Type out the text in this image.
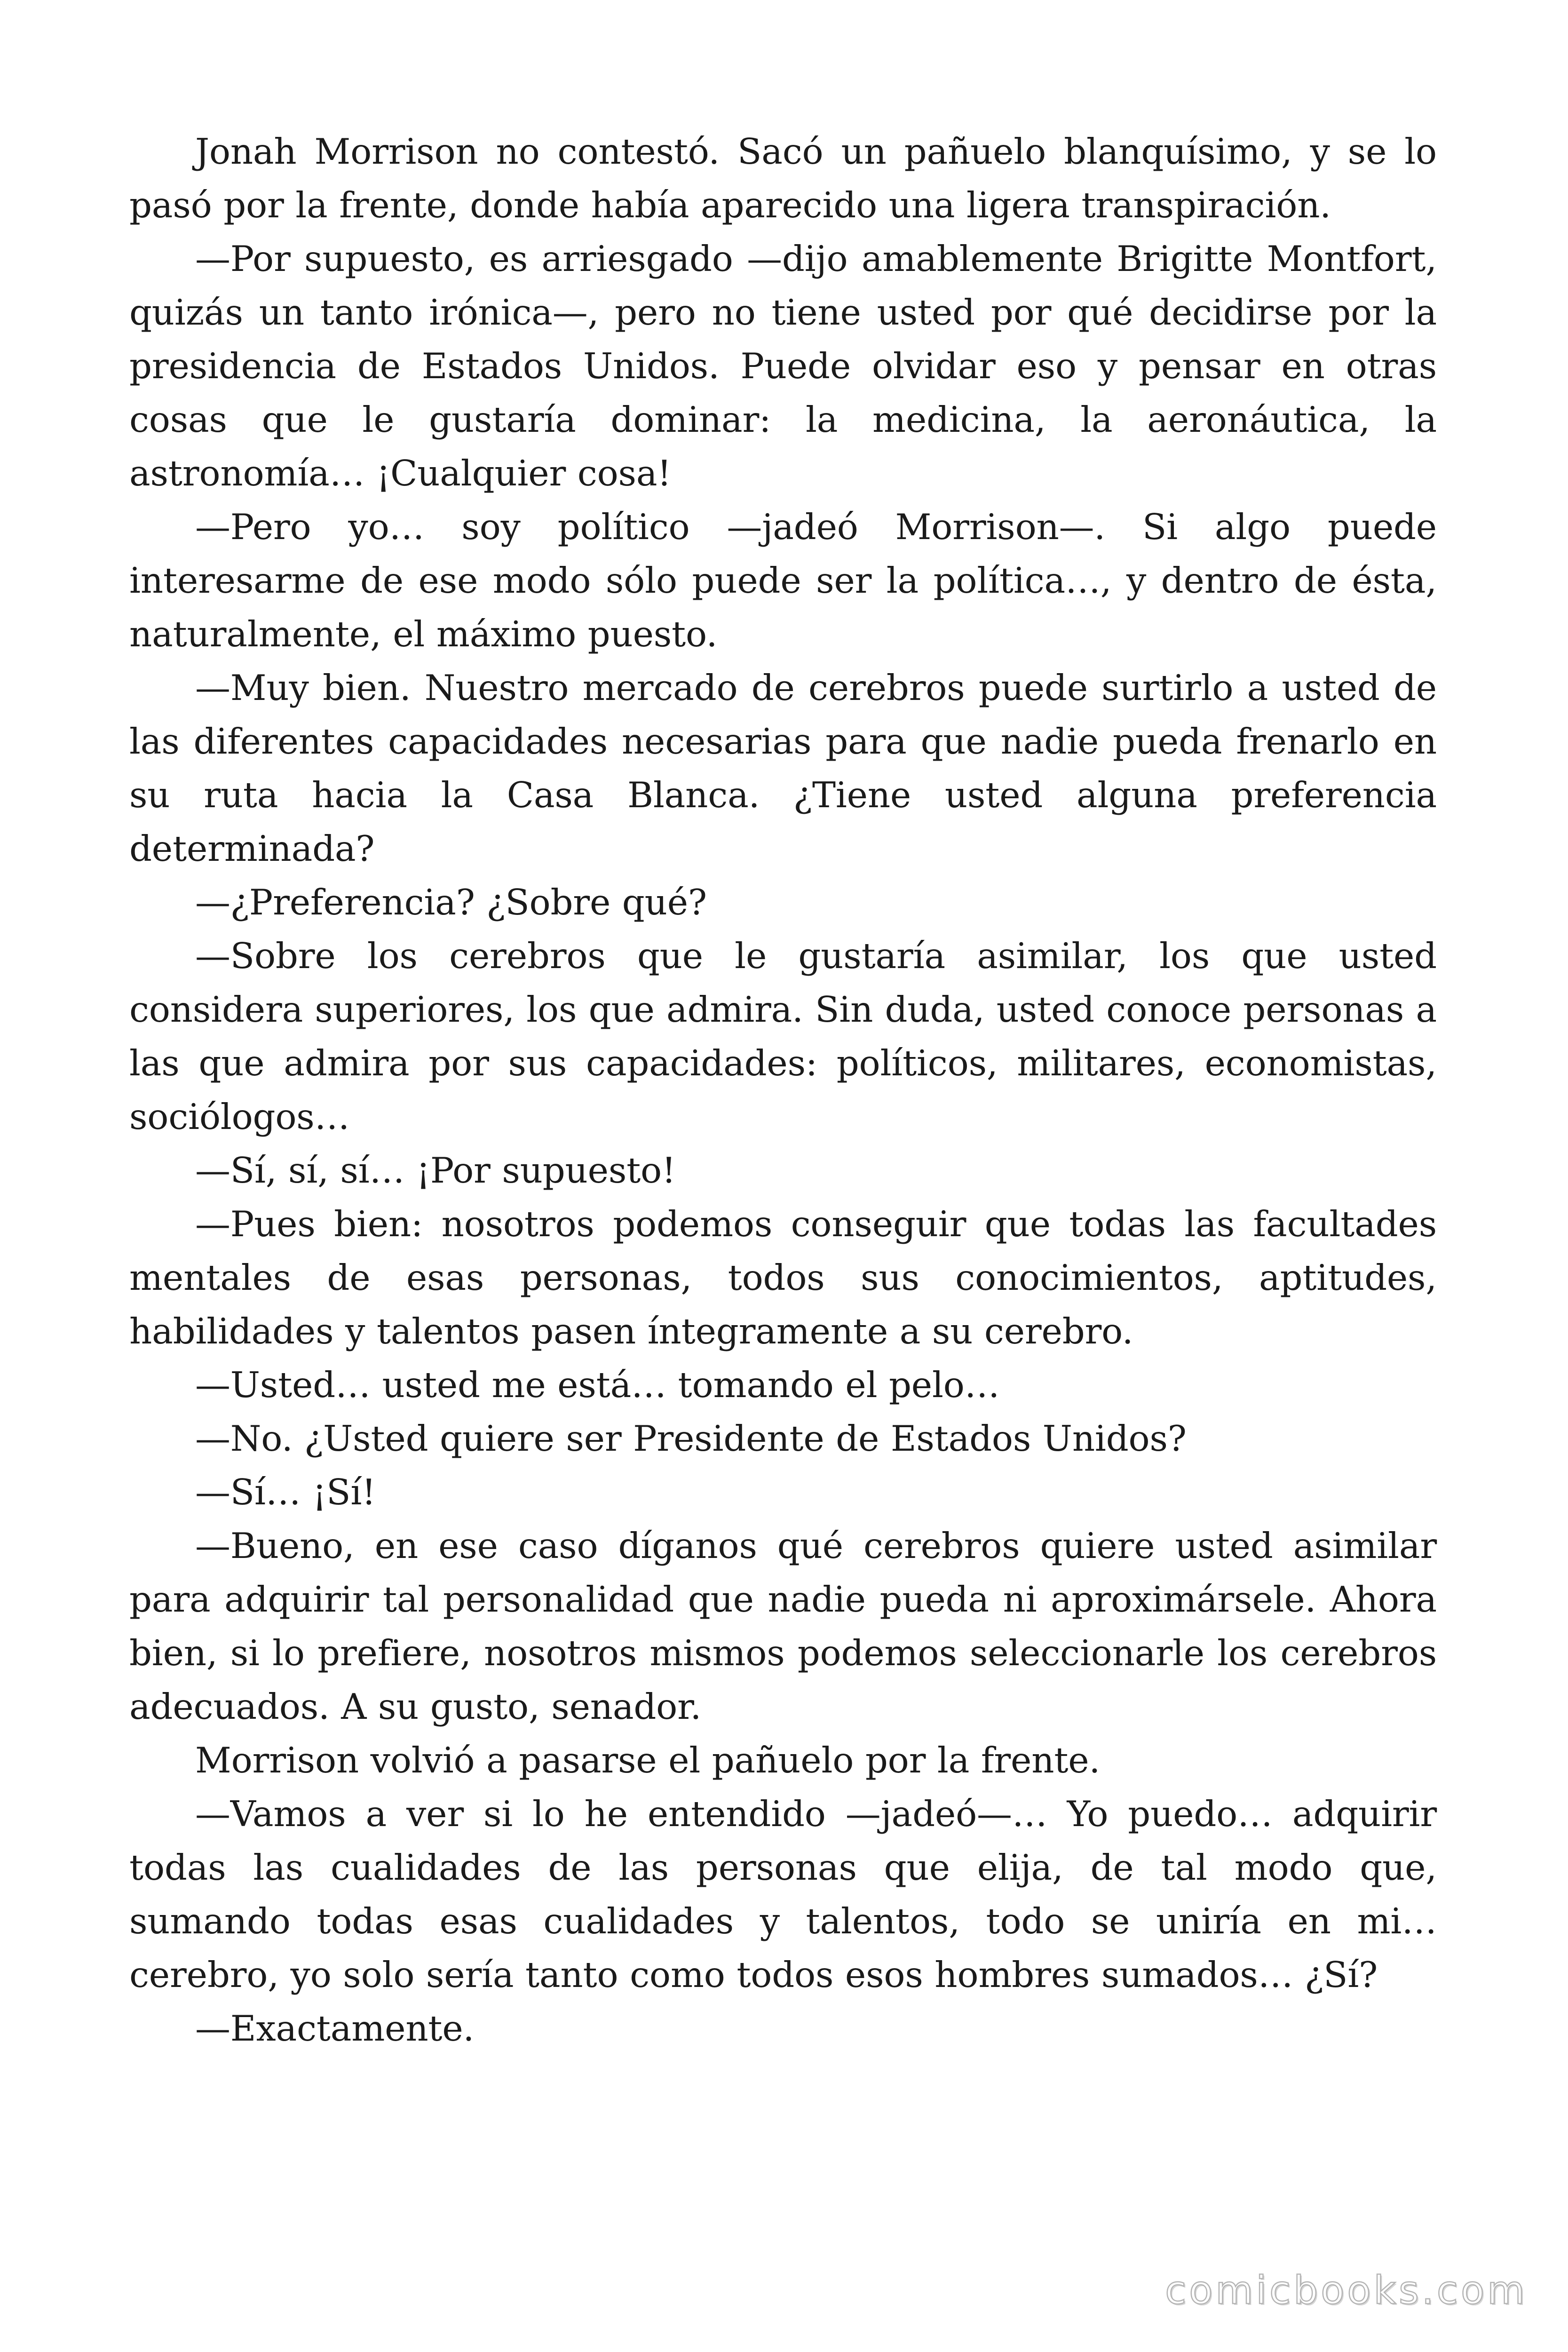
Jonah Morrison no contestó. Sacó un pañuelo blanquísimo, y se lo pasó por la frente, donde había aparecido una ligera transpiración.

—Por supuesto, es arriesgado —dijo amablemente Brigitte Montfort, quizás un tanto irónica—, pero no tiene usted por qué decidirse por la presidencia de Estados Unidos. Puede olvidar eso y pensar en otras cosas que le gustaría dominar: la medicina, la aeronáutica, la astronomía… ¡Cualquier cosa!

—Pero yo… soy político —jadeó Morrison—. Si algo puede interesarme de ese modo sólo puede ser la política…, y dentro de ésta, naturalmente, el máximo puesto.

—Muy bien. Nuestro mercado de cerebros puede surtirlo a usted de las diferentes capacidades necesarias para que nadie pueda frenarlo en su ruta hacia la Casa Blanca. ¿Tiene usted alguna preferencia determinada?

—¿Preferencia? ¿Sobre qué?

—Sobre los cerebros que le gustaría asimilar, los que usted considera superiores, los que admira. Sin duda, usted conoce personas a las que admira por sus capacidades: políticos, militares, economistas, sociólogos…

—Sí, sí, sí… ¡Por supuesto!

—Pues bien: nosotros podemos conseguir que todas las facultades mentales de esas personas, todos sus conocimientos, aptitudes, habilidades y talentos pasen íntegramente a su cerebro.

—Usted… usted me está… tomando el pelo…

—No. ¿Usted quiere ser Presidente de Estados Unidos?

—Sí… ¡Sí!

—Bueno, en ese caso díganos qué cerebros quiere usted asimilar para adquirir tal personalidad que nadie pueda ni aproximársele. Ahora bien, si lo prefiere, nosotros mismos podemos seleccionarle los cerebros adecuados. A su gusto, senador.

Morrison volvió a pasarse el pañuelo por la frente.

—Vamos a ver si lo he entendido —jadeó—… Yo puedo… adquirir todas las cualidades de las personas que elija, de tal modo que, sumando todas esas cualidades y talentos, todo se uniría en mi… cerebro, yo solo sería tanto como todos esos hombres sumados… ¿Sí?

—Exactamente.

comicbooks.com
